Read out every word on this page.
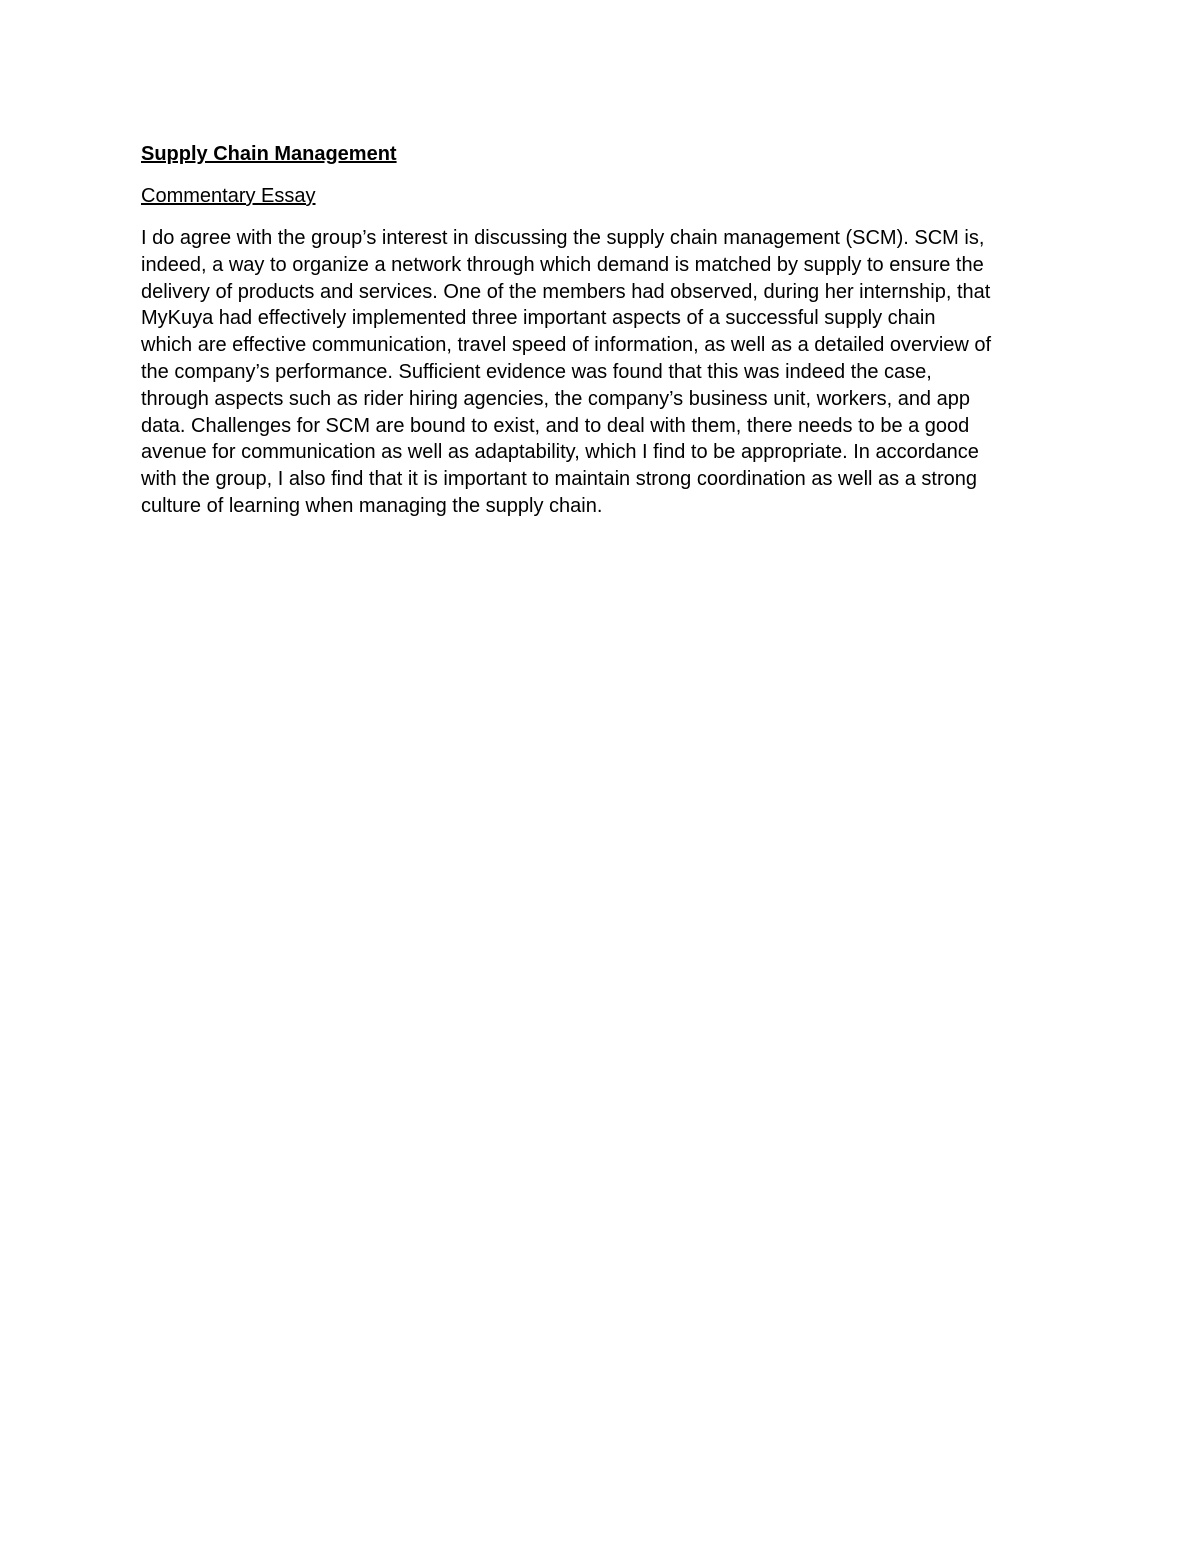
Supply Chain Management
Commentary Essay

I do agree with the group’s interest in discussing the supply chain management (SCM). SCM is,
indeed, a way to organize a network through which demand is matched by supply to ensure the
delivery of products and services. One of the members had observed, during her internship, that
MyKuya had effectively implemented three important aspects of a successful supply chain
which are effective communication, travel speed of information, as well as a detailed overview of
the company’s performance. Sufficient evidence was found that this was indeed the case,
through aspects such as rider hiring agencies, the company’s business unit, workers, and app
data. Challenges for SCM are bound to exist, and to deal with them, there needs to be a good
avenue for communication as well as adaptability, which I find to be appropriate. In accordance
with the group, I also find that it is important to maintain strong coordination as well as a strong
culture of learning when managing the supply chain.
